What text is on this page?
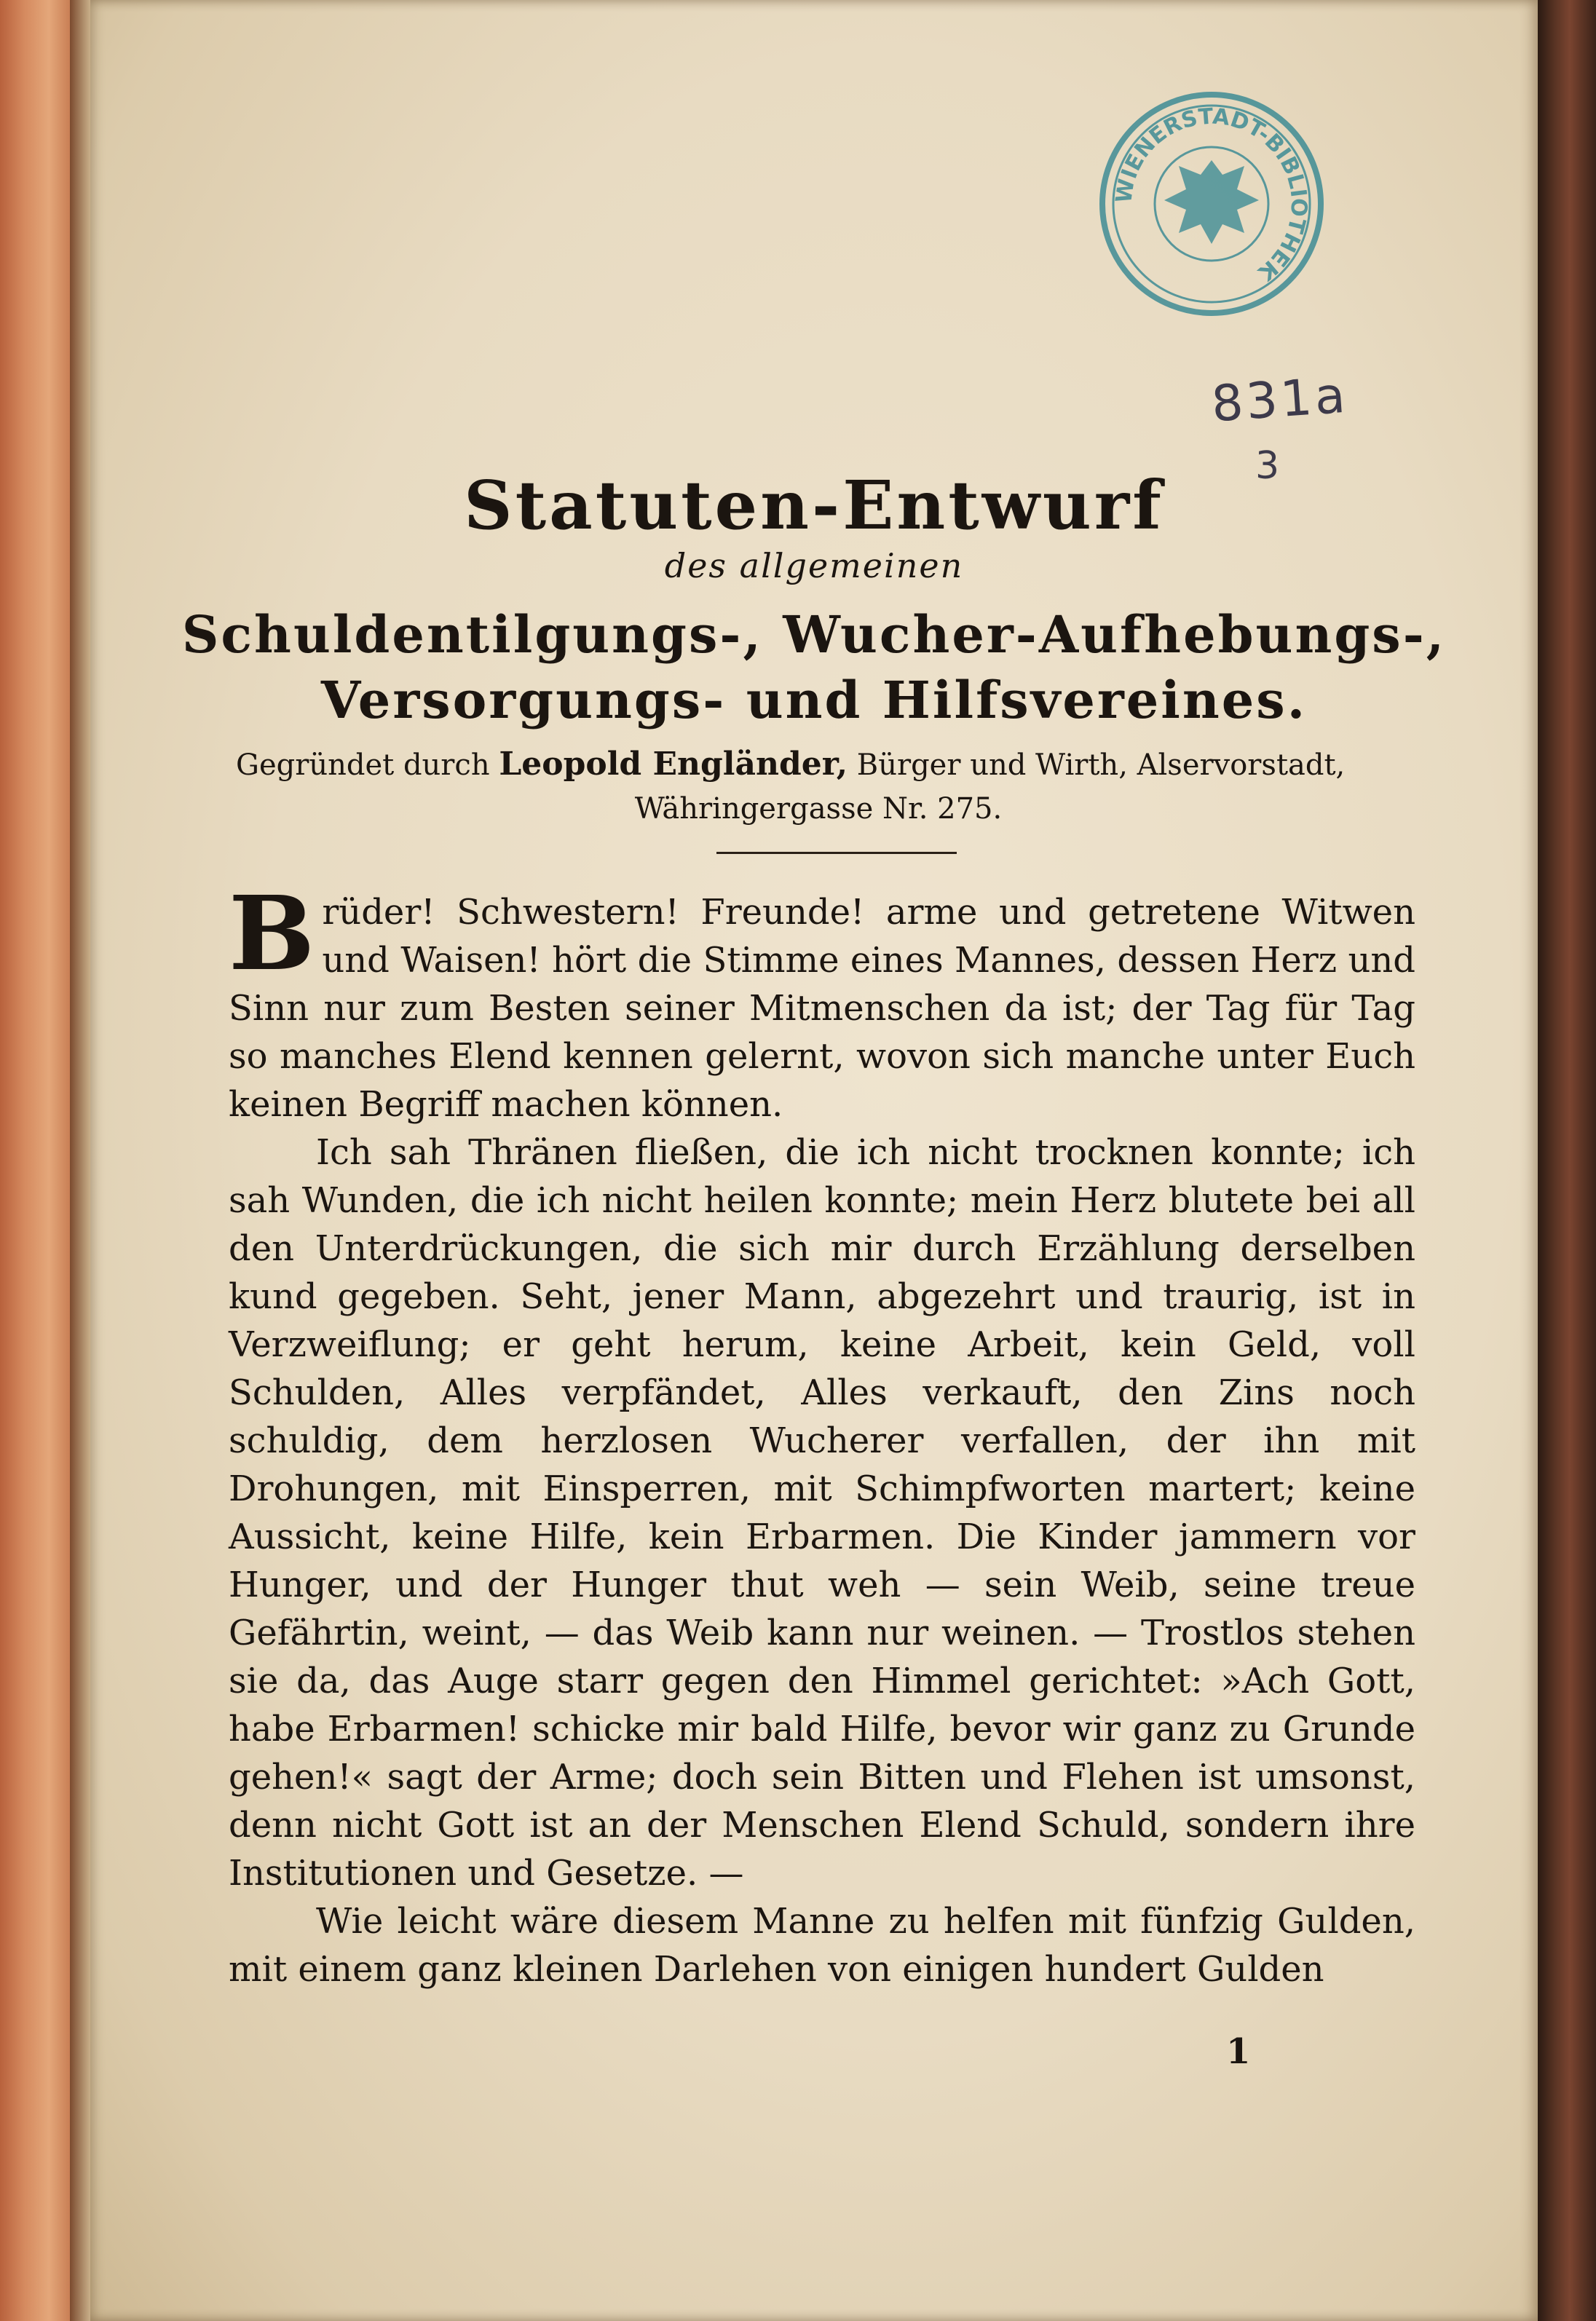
WIENERSTADT-BIBLIOTHEK
831a
3
Statuten-Entwurf
des allgemeinen
Schuldentilgungs-, Wucher-Aufhebungs-,
Versorgungs- und Hilfsvereines.
Gegründet durch Leopold Engländer, Bürger und Wirth, Alservorstadt,
Währingergasse Nr. 275.

Brüder! Schwestern! Freunde! arme und getretene Witwen und Waisen! hört die Stimme eines Mannes, dessen Herz und Sinn nur zum Besten seiner Mitmenschen da ist; der Tag für Tag so manches Elend kennen gelernt, wovon sich manche unter Euch keinen Begriff machen können.

Ich sah Thränen fließen, die ich nicht trocknen konnte; ich sah Wunden, die ich nicht heilen konnte; mein Herz blutete bei all den Unterdrückungen, die sich mir durch Erzählung derselben kund gegeben. Seht, jener Mann, abgezehrt und traurig, ist in Verzweiflung; er geht herum, keine Arbeit, kein Geld, voll Schulden, Alles verpfändet, Alles verkauft, den Zins noch schuldig, dem herzlosen Wucherer verfallen, der ihn mit Drohungen, mit Einsperren, mit Schimpfworten martert; keine Aussicht, keine Hilfe, kein Erbarmen. Die Kinder jammern vor Hunger, und der Hunger thut weh — sein Weib, seine treue Gefährtin, weint, — das Weib kann nur weinen. — Trostlos stehen sie da, das Auge starr gegen den Himmel gerichtet: »Ach Gott, habe Erbarmen! schicke mir bald Hilfe, bevor wir ganz zu Grunde gehen!« sagt der Arme; doch sein Bitten und Flehen ist umsonst, denn nicht Gott ist an der Menschen Elend Schuld, sondern ihre Institutionen und Gesetze. —

Wie leicht wäre diesem Manne zu helfen mit fünfzig Gulden, mit einem ganz kleinen Darlehen von einigen hundert Gulden

1
